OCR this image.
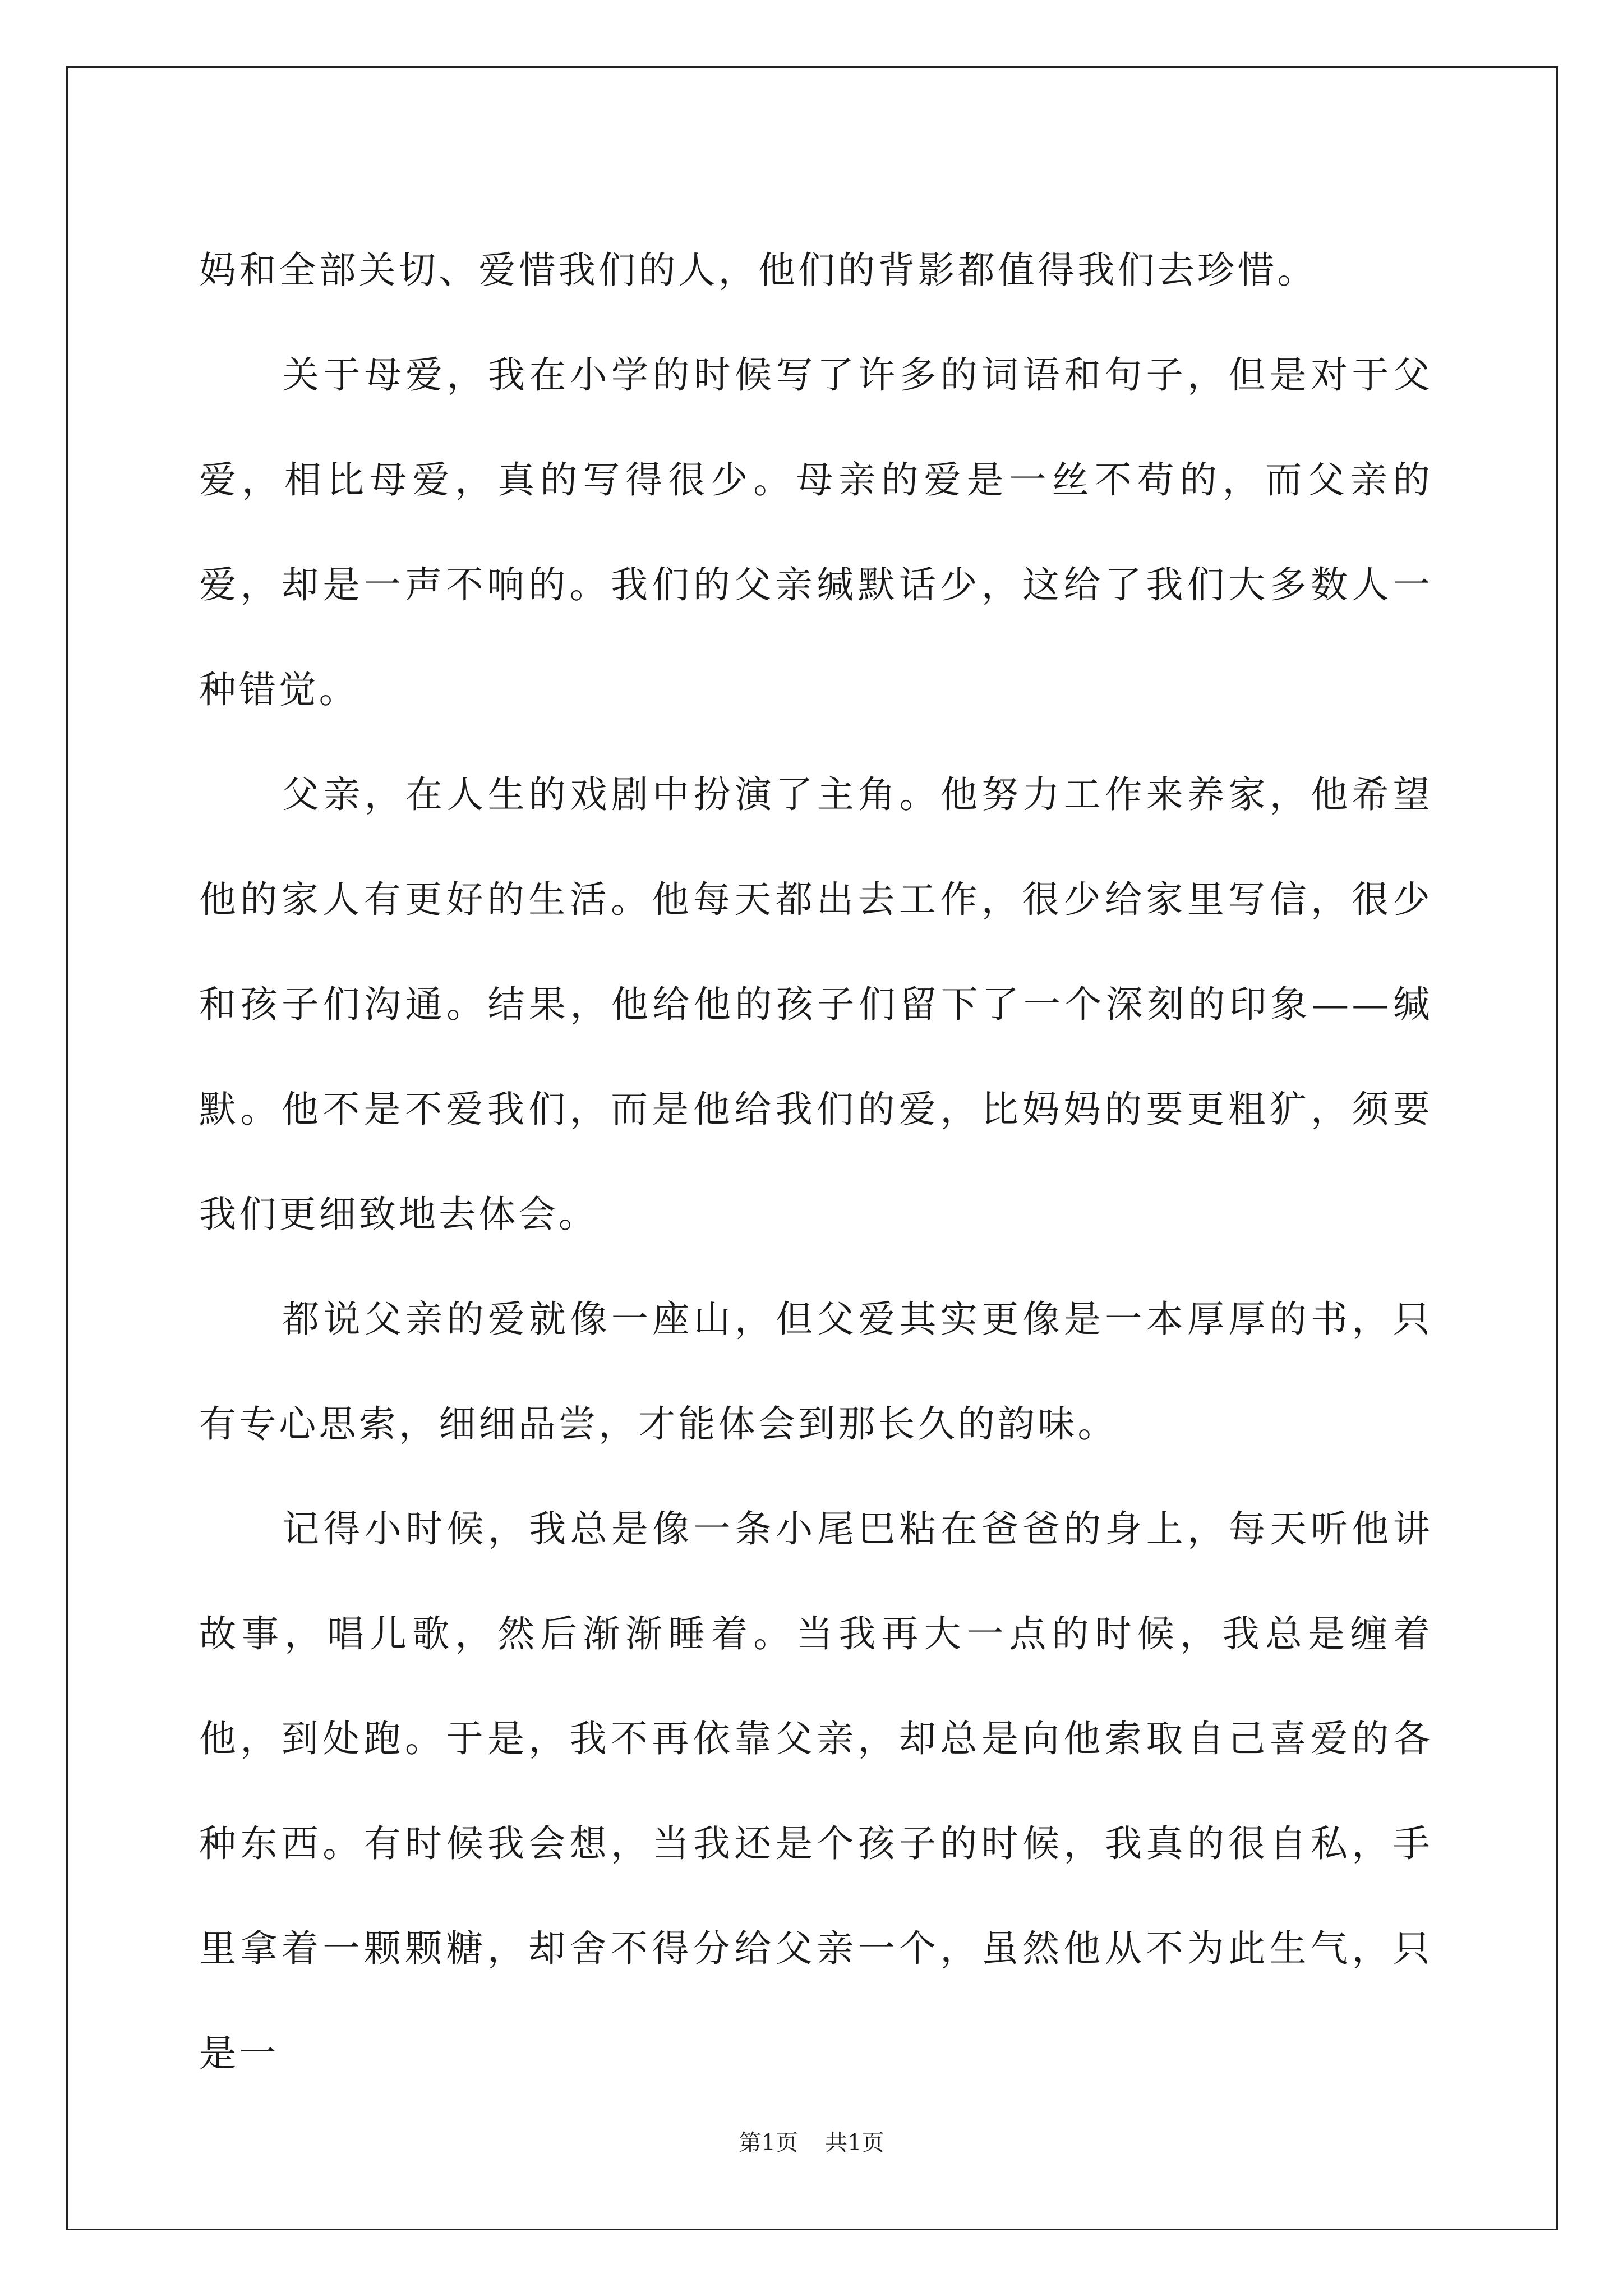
妈和全部关切、爱惜我们的人，他们的背影都值得我们去珍惜。

关于母爱，我在小学的时候写了许多的词语和句子，但是对于父爱，相比母爱，真的写得很少。母亲的爱是一丝不苟的，而父亲的爱，却是一声不响的。我们的父亲缄默话少，这给了我们大多数人一种错觉。

父亲，在人生的戏剧中扮演了主角。他努力工作来养家，他希望他的家人有更好的生活。他每天都出去工作，很少给家里写信，很少和孩子们沟通。结果，他给他的孩子们留下了一个深刻的印象——缄默。他不是不爱我们，而是他给我们的爱，比妈妈的要更粗犷，须要我们更细致地去体会。

都说父亲的爱就像一座山，但父爱其实更像是一本厚厚的书，只有专心思索，细细品尝，才能体会到那长久的韵味。

记得小时候，我总是像一条小尾巴粘在爸爸的身上，每天听他讲故事，唱儿歌，然后渐渐睡着。当我再大一点的时候，我总是缠着他，到处跑。于是，我不再依靠父亲，却总是向他索取自己喜爱的各种东西。有时候我会想，当我还是个孩子的时候，我真的很自私，手里拿着一颗颗糖，却舍不得分给父亲一个，虽然他从不为此生气，只是一

第1页 共1页
